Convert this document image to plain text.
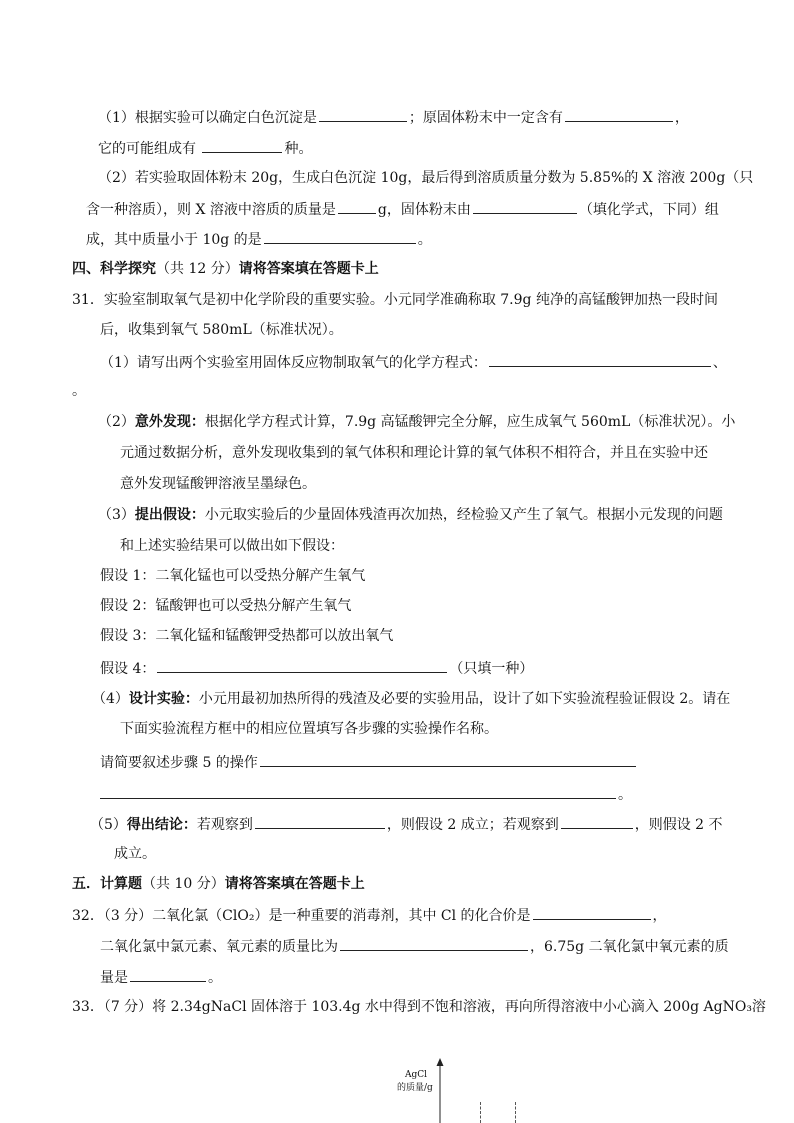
（1）根据实验可以确定白色沉淀是	；原固体粉末中一定含有	，
它的可能组成有	种。
（2）若实验取固体粉末 20g，生成白色沉淀 10g，最后得到溶质质量分数为 5.85%的 X 溶液 200g（只
含一种溶质），则 X 溶液中溶质的质量是	g，固体粉末由	（填化学式，下同）组
成，其中质量小于 10g 的是	。
四、科学探究（共 12 分）请将答案填在答题卡上
31．实验室制取氧气是初中化学阶段的重要实验。小元同学准确称取 7.9g 纯净的高锰酸钾加热一段时间
后，收集到氧气 580mL（标准状况）。
（1）请写出两个实验室用固体反应物制取氧气的化学方程式：	、
。
（2）意外发现：根据化学方程式计算，7.9g 高锰酸钾完全分解，应生成氧气 560mL（标准状况）。小
元通过数据分析，意外发现收集到的氧气体积和理论计算的氧气体积不相符合，并且在实验中还
意外发现锰酸钾溶液呈墨绿色。
（3）提出假设：小元取实验后的少量固体残渣再次加热，经检验又产生了氧气。根据小元发现的问题
和上述实验结果可以做出如下假设：
假设 1：二氧化锰也可以受热分解产生氧气
假设 2：锰酸钾也可以受热分解产生氧气
假设 3：二氧化锰和锰酸钾受热都可以放出氧气
假设 4：	（只填一种）
（4）设计实验：小元用最初加热所得的残渣及必要的实验用品，设计了如下实验流程验证假设 2。请在
下面实验流程方框中的相应位置填写各步骤的实验操作名称。
请简要叙述步骤 5 的操作
。
（5）得出结论：若观察到	，则假设 2 成立；若观察到	，则假设 2 不
成立。
五．计算题（共 10 分）请将答案填在答题卡上
32．（3 分）二氧化氯（ClO₂）是一种重要的消毒剂，其中 Cl 的化合价是	，
二氧化氯中氯元素、氧元素的质量比为	，6.75g 二氧化氯中氧元素的质
量是	。
33．（7 分）将 2.34gNaCl 固体溶于 103.4g 水中得到不饱和溶液，再向所得溶液中小心滴入 200g AgNO₃溶
AgCl
的质量/g
